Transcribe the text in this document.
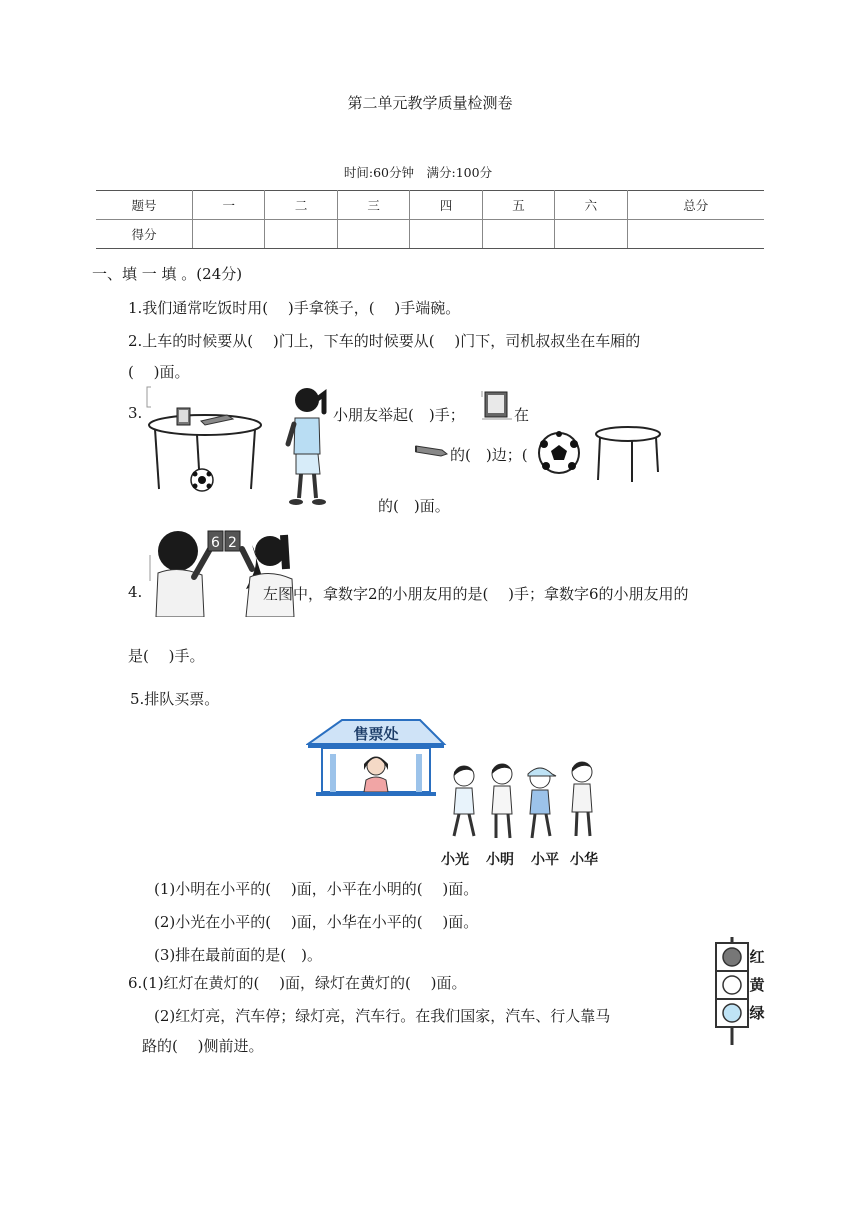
第二单元教学质量检测卷
时间:60分钟　满分:100分
题号	一	二	三	四	五	六	总分
得分							
一、填 一 填 。(24分)
1.我们通常吃饭时用(　 )手拿筷子，(　 )手端碗。
2.上车的时候要从(　 )门上，下车的时候要从(　 )门下，司机叔叔坐在车厢的
(　 )面。
3.	小朋友举起(　)手；	在
的(　)边；(
的(　)面。
6 2
4.	左图中，拿数字2的小朋友用的是(　 )手；拿数字6的小朋友用的
是(　 )手。
5.排队买票。
售票处
小光 小明 小平 小华
(1)小明在小平的(　 )面，小平在小明的(　 )面。
(2)小光在小平的(　 )面，小华在小平的(　 )面。
(3)排在最前面的是(　)。
6.(1)红灯在黄灯的(　 )面，绿灯在黄灯的(　 )面。
(2)红灯亮，汽车停；绿灯亮，汽车行。在我们国家，汽车、行人靠马
路的(　 )侧前进。
红
黄
绿
